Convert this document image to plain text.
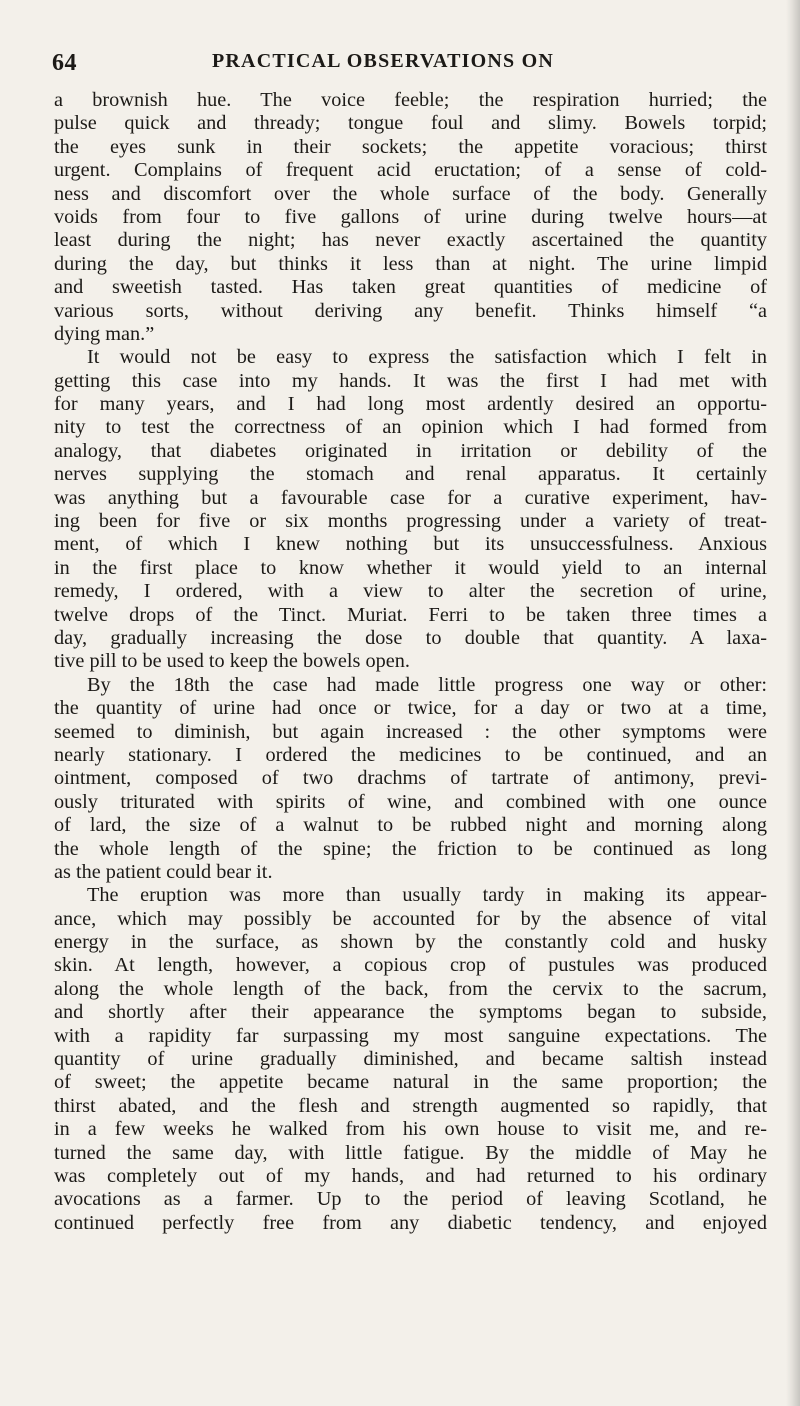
64	PRACTICAL OBSERVATIONS ON
a brownish hue. The voice feeble; the respiration hurried; the
pulse quick and thready; tongue foul and slimy. Bowels torpid;
the eyes sunk in their sockets; the appetite voracious; thirst
urgent. Complains of frequent acid eructation; of a sense of cold-
ness and discomfort over the whole surface of the body. Generally
voids from four to five gallons of urine during twelve hours—at
least during the night; has never exactly ascertained the quantity
during the day, but thinks it less than at night. The urine limpid
and sweetish tasted. Has taken great quantities of medicine of
various sorts, without deriving any benefit. Thinks himself “a
dying man.”
It would not be easy to express the satisfaction which I felt in
getting this case into my hands. It was the first I had met with
for many years, and I had long most ardently desired an opportu-
nity to test the correctness of an opinion which I had formed from
analogy, that diabetes originated in irritation or debility of the
nerves supplying the stomach and renal apparatus. It certainly
was anything but a favourable case for a curative experiment, hav-
ing been for five or six months progressing under a variety of treat-
ment, of which I knew nothing but its unsuccessfulness. Anxious
in the first place to know whether it would yield to an internal
remedy, I ordered, with a view to alter the secretion of urine,
twelve drops of the Tinct. Muriat. Ferri to be taken three times a
day, gradually increasing the dose to double that quantity. A laxa-
tive pill to be used to keep the bowels open.
By the 18th the case had made little progress one way or other:
the quantity of urine had once or twice, for a day or two at a time,
seemed to diminish, but again increased : the other symptoms were
nearly stationary. I ordered the medicines to be continued, and an
ointment, composed of two drachms of tartrate of antimony, previ-
ously triturated with spirits of wine, and combined with one ounce
of lard, the size of a walnut to be rubbed night and morning along
the whole length of the spine; the friction to be continued as long
as the patient could bear it.
The eruption was more than usually tardy in making its appear-
ance, which may possibly be accounted for by the absence of vital
energy in the surface, as shown by the constantly cold and husky
skin. At length, however, a copious crop of pustules was produced
along the whole length of the back, from the cervix to the sacrum,
and shortly after their appearance the symptoms began to subside,
with a rapidity far surpassing my most sanguine expectations. The
quantity of urine gradually diminished, and became saltish instead
of sweet; the appetite became natural in the same proportion; the
thirst abated, and the flesh and strength augmented so rapidly, that
in a few weeks he walked from his own house to visit me, and re-
turned the same day, with little fatigue. By the middle of May he
was completely out of my hands, and had returned to his ordinary
avocations as a farmer. Up to the period of leaving Scotland, he
continued perfectly free from any diabetic tendency, and enjoyed
